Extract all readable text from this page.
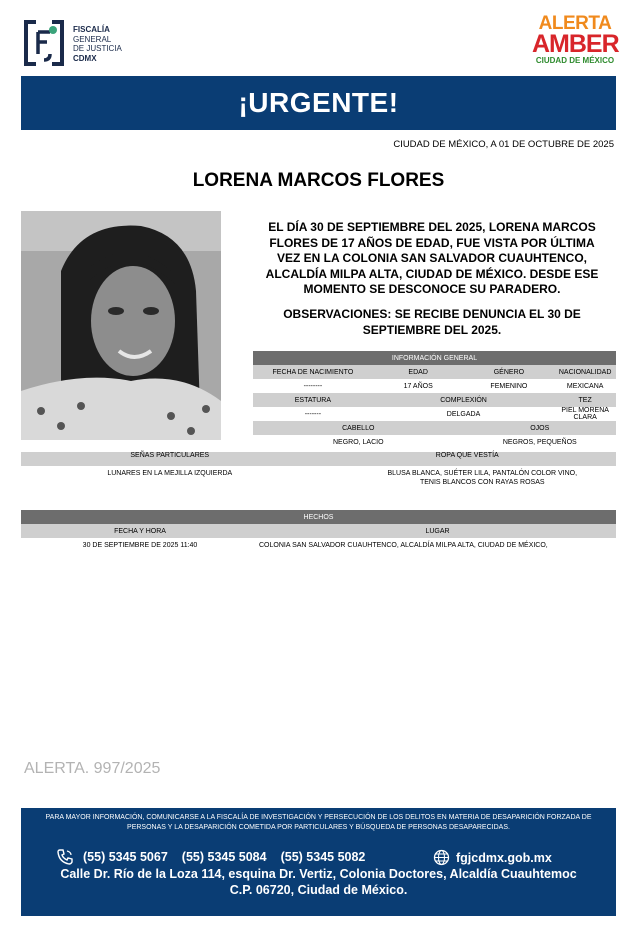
FISCALÍA
GENERAL
DE JUSTICIA
CDMX
ALERTA
AMBER
CIUDAD DE MÉXICO
¡URGENTE!
CIUDAD DE MÉXICO, A 01 DE OCTUBRE DE 2025
LORENA MARCOS FLORES
EL DÍA 30 DE SEPTIEMBRE DEL 2025, LORENA MARCOS FLORES DE 17 AÑOS DE EDAD, FUE VISTA POR ÚLTIMA VEZ EN LA COLONIA SAN SALVADOR CUAUHTENCO, ALCALDÍA MILPA ALTA, CIUDAD DE MÉXICO. DESDE ESE MOMENTO SE DESCONOCE SU PARADERO.
OBSERVACIONES: SE RECIBE DENUNCIA EL 30 DE SEPTIEMBRE DEL 2025.
INFORMACIÓN GENERAL			
FECHA DE NACIMIENTO	EDAD	GÉNERO	NACIONALIDAD
--------	17 AÑOS	FEMENINO	MEXICANA
ESTATURA	COMPLEXIÓN		TEZ
-------	DELGADA		PIEL MORENA CLARA
CABELLO		OJOS	
NEGRO, LACIO		NEGROS, PEQUEÑOS	
SEÑAS PARTICULARES	ROPA QUE VESTÍA
LUNARES EN LA MEJILLA IZQUIERDA	BLUSA BLANCA, SUÉTER LILA, PANTALÓN COLOR VINO, TENIS BLANCOS CON RAYAS ROSAS
HECHOS	
FECHA Y HORA	LUGAR
30 DE SEPTIEMBRE DE 2025 11:40	COLONIA SAN SALVADOR CUAUHTENCO, ALCALDÍA MILPA ALTA, CIUDAD DE MÉXICO,
ALERTA. 997/2025
PARA MAYOR INFORMACIÓN, COMUNICARSE A LA FISCALÍA DE INVESTIGACIÓN Y PERSECUCIÓN DE LOS DELITOS EN MATERIA DE DESAPARICIÓN FORZADA DE PERSONAS Y LA DESAPARICIÓN COMETIDA POR PARTICULARES Y BÚSQUEDA DE PERSONAS DESAPARECIDAS.
(55) 5345 5067 (55) 5345 5084 (55) 5345 5082	fgjcdmx.gob.mx
Calle Dr. Río de la Loza 114, esquina Dr. Vertiz, Colonia Doctores, Alcaldía Cuauhtemoc
C.P. 06720, Ciudad de México.
